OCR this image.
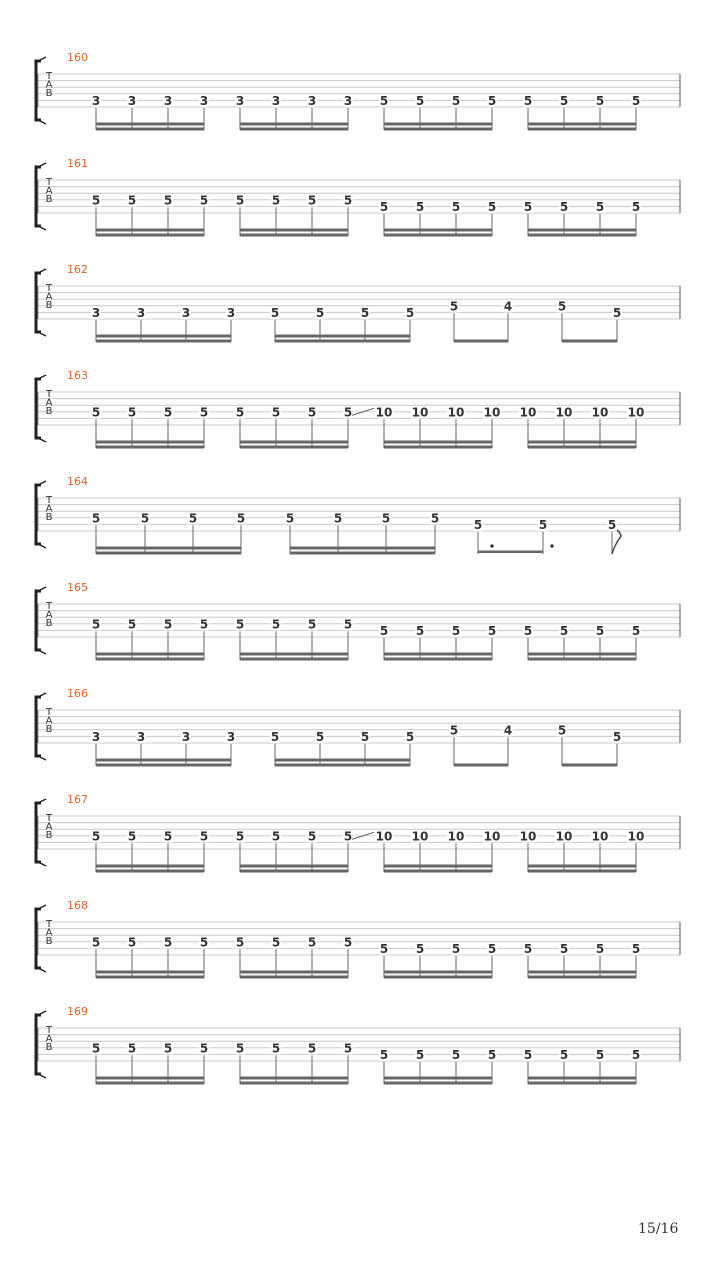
T
A
B
160
3 3 3 3 3 3 3 3 5 5 5 5 5 5 5 5
T
A
B
161
5 5 5 5 5 5 5 5 5 5 5 5 5 5 5 5
T
A
B
162
3	3	3	3	5	5	5	5	5	4	5	5
T
A
B
163
5 5 5 5 5 5 5 5 10 10 10 10 10 10 10 10
T
A
B
164
5	5	5	5	5	5	5	5	5	5	5
T
A
B
165
5 5 5 5 5 5 5 5 5 5 5 5 5 5 5 5
T
A
B
166
3	3	3	3	5	5	5	5	5	4	5	5
T
A
B
167
5 5 5 5 5 5 5 5 10 10 10 10 10 10 10 10
T
A
B
168
5 5 5 5 5 5 5 5 5 5 5 5 5 5 5 5
T
A
B
169
5 5 5 5 5 5 5 5 5 5 5 5 5 5 5 5
15/16
